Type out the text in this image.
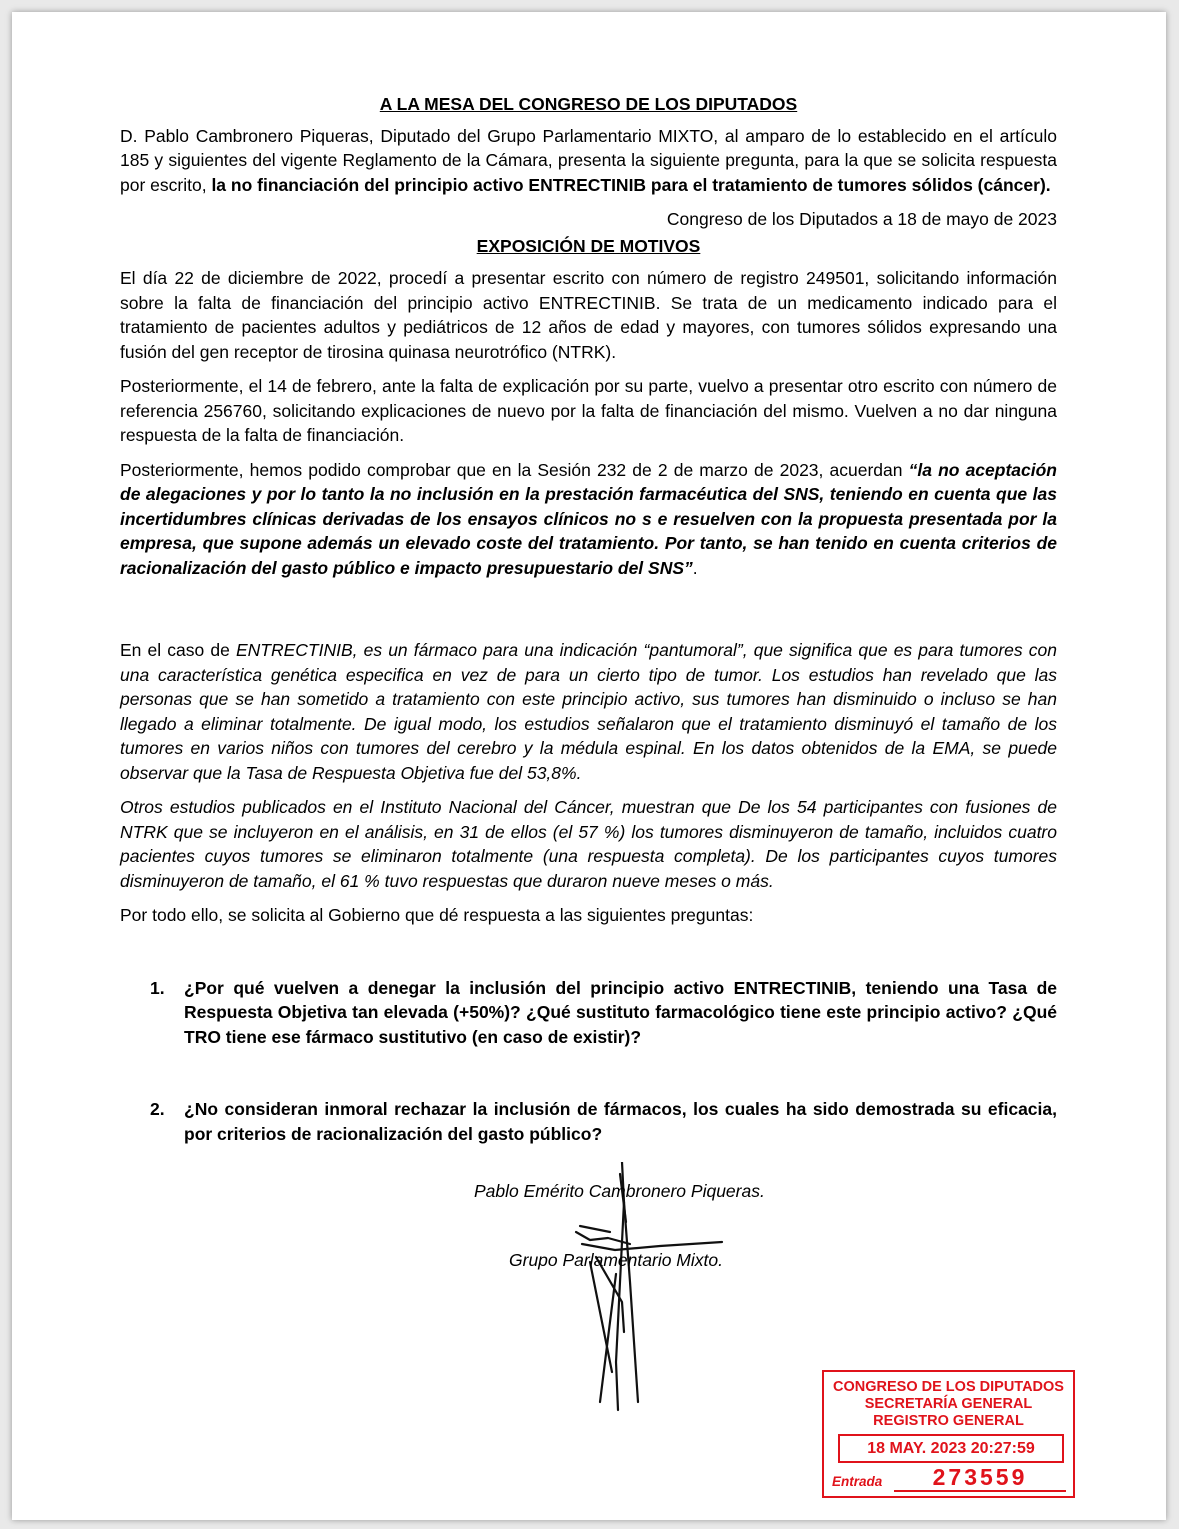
A LA MESA DEL CONGRESO DE LOS DIPUTADOS

D. Pablo Cambronero Piqueras, Diputado del Grupo Parlamentario MIXTO, al amparo de lo establecido en el artículo 185 y siguientes del vigente Reglamento de la Cámara, presenta la siguiente pregunta, para la que se solicita respuesta por escrito, la no financiación del principio activo ENTRECTINIB para el tratamiento de tumores sólidos (cáncer).

Congreso de los Diputados a 18 de mayo de 2023
EXPOSICIÓN DE MOTIVOS

El día 22 de diciembre de 2022, procedí a presentar escrito con número de registro 249501, solicitando información sobre la falta de financiación del principio activo ENTRECTINIB. Se trata de un medicamento indicado para el tratamiento de pacientes adultos y pediátricos de 12 años de edad y mayores, con tumores sólidos expresando una fusión del gen receptor de tirosina quinasa neurotrófico (NTRK).

Posteriormente, el 14 de febrero, ante la falta de explicación por su parte, vuelvo a presentar otro escrito con número de referencia 256760, solicitando explicaciones de nuevo por la falta de financiación del mismo. Vuelven a no dar ninguna respuesta de la falta de financiación.

Posteriormente, hemos podido comprobar que en la Sesión 232 de 2 de marzo de 2023, acuerdan “la no aceptación de alegaciones y por lo tanto la no inclusión en la prestación farmacéutica del SNS, teniendo en cuenta que las incertidumbres clínicas derivadas de los ensayos clínicos no s e resuelven con la propuesta presentada por la empresa, que supone además un elevado coste del tratamiento. Por tanto, se han tenido en cuenta criterios de racionalización del gasto público e impacto presupuestario del SNS”.

En el caso de ENTRECTINIB, es un fármaco para una indicación “pantumoral”, que significa que es para tumores con una característica genética especifica en vez de para un cierto tipo de tumor. Los estudios han revelado que las personas que se han sometido a tratamiento con este principio activo, sus tumores han disminuido o incluso se han llegado a eliminar totalmente. De igual modo, los estudios señalaron que el tratamiento disminuyó el tamaño de los tumores en varios niños con tumores del cerebro y la médula espinal. En los datos obtenidos de la EMA, se puede observar que la Tasa de Respuesta Objetiva fue del 53,8%.

Otros estudios publicados en el Instituto Nacional del Cáncer, muestran que De los 54 participantes con fusiones de NTRK que se incluyeron en el análisis, en 31 de ellos (el 57 %) los tumores disminuyeron de tamaño, incluidos cuatro pacientes cuyos tumores se eliminaron totalmente (una respuesta completa). De los participantes cuyos tumores disminuyeron de tamaño, el 61 % tuvo respuestas que duraron nueve meses o más.

Por todo ello, se solicita al Gobierno que dé respuesta a las siguientes preguntas:

1. ¿Por qué vuelven a denegar la inclusión del principio activo ENTRECTINIB, teniendo una Tasa de Respuesta Objetiva tan elevada (+50%)? ¿Qué sustituto farmacológico tiene este principio activo? ¿Qué TRO tiene ese fármaco sustitutivo (en caso de existir)?
2. ¿No consideran inmoral rechazar la inclusión de fármacos, los cuales ha sido demostrada su eficacia, por criterios de racionalización del gasto público?
Pablo Emérito Cambronero Piqueras.
Grupo Parlamentario Mixto.
CONGRESO DE LOS DIPUTADOS
SECRETARÍA GENERAL
REGISTRO GENERAL
18 MAY. 2023 20:27:59
Entrada	273559
